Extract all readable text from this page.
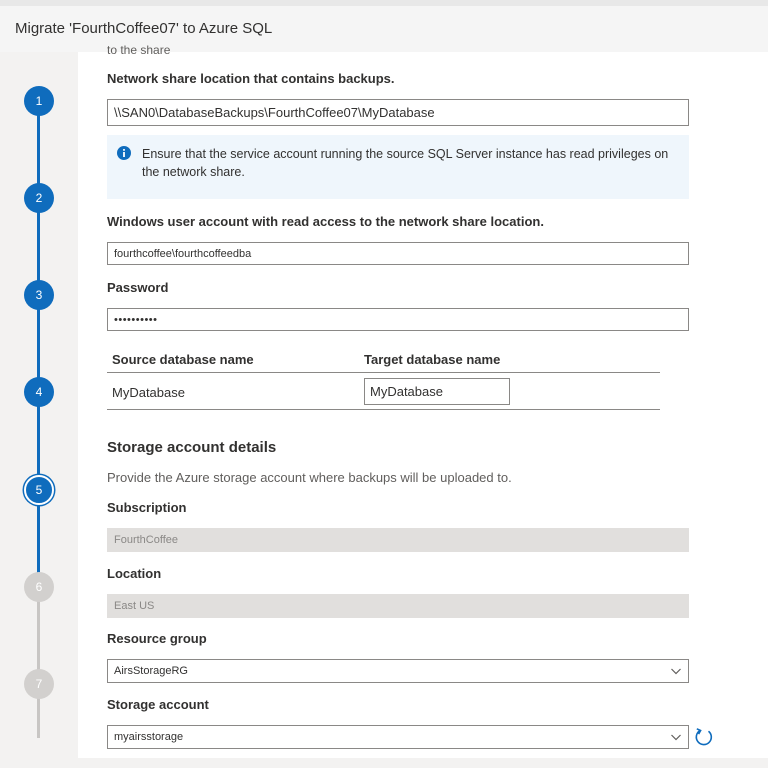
Migrate 'FourthCoffee07' to Azure SQL
1
2
3
4
5
6
7
to the share
Network share location that contains backups.
\\SAN0\DatabaseBackups\FourthCoffee07\MyDatabase
Ensure that the service account running the source SQL Server instance has read privileges on the network share.
Windows user account with read access to the network share location.
fourthcoffee\fourthcoffeedba
Password
••••••••••
Source database name	Target database name
MyDatabase	MyDatabase
Storage account details
Provide the Azure storage account where backups will be uploaded to.
Subscription
FourthCoffee
Location
East US
Resource group
AirsStorageRG
Storage account
myairsstorage
